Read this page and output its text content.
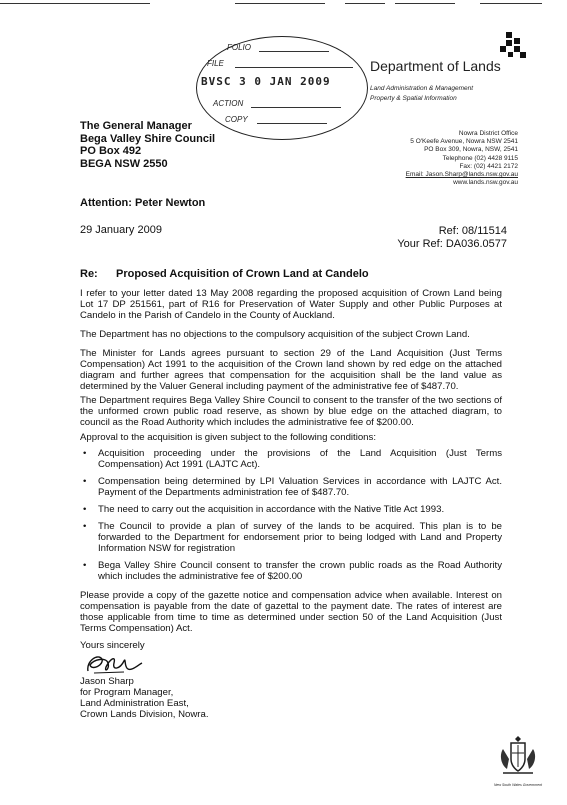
FOLIO
FILE
BVSC 3 0 JAN 2009
ACTION
COPY
Department of Lands
Land Administration & Management
Property & Spatial Information
Nowra District Office
5 O'Keefe Avenue, Nowra NSW 2541
PO Box 309, Nowra, NSW, 2541
Telephone (02) 4428 9115
Fax: (02) 4421 2172
Email: Jason.Sharp@lands.nsw.gov.au
www.lands.nsw.gov.au
The General Manager
Bega Valley Shire Council
PO Box 492
BEGA NSW 2550
Attention: Peter Newton
29 January 2009	Ref: 08/11514
Your Ref: DA036.0577
Re: Proposed Acquisition of Crown Land at Candelo
I refer to your letter dated 13 May 2008 regarding the proposed acquisition of Crown Land being Lot 17 DP 251561, part of R16 for Preservation of Water Supply and other Public Purposes at Candelo in the Parish of Candelo in the County of Auckland.
The Department has no objections to the compulsory acquisition of the subject Crown Land.
The Minister for Lands agrees pursuant to section 29 of the Land Acquisition (Just Terms Compensation) Act 1991 to the acquisition of the Crown land shown by red edge on the attached diagram and further agrees that compensation for the acquisition shall be the land value as determined by the Valuer General including payment of the administrative fee of $487.70.
The Department requires Bega Valley Shire Council to consent to the transfer of the two sections of the unformed crown public road reserve, as shown by blue edge on the attached diagram, to council as the Road Authority which includes the administrative fee of $200.00.
Approval to the acquisition is given subject to the following conditions:
• Acquisition proceeding under the provisions of the Land Acquisition (Just Terms Compensation) Act 1991 (LAJTC Act).
• Compensation being determined by LPI Valuation Services in accordance with LAJTC Act. Payment of the Departments administration fee of $487.70.
• The need to carry out the acquisition in accordance with the Native Title Act 1993.
• The Council to provide a plan of survey of the lands to be acquired. This plan is to be forwarded to the Department for endorsement prior to being lodged with Land and Property Information NSW for registration
• Bega Valley Shire Council consent to transfer the crown public roads as the Road Authority which includes the administrative fee of $200.00
Please provide a copy of the gazette notice and compensation advice when available. Interest on compensation is payable from the date of gazettal to the payment date. The rates of interest are those applicable from time to time as determined under section 50 of the Land Acquisition (Just Terms Compensation) Act.
Yours sincerely
Jason Sharp
for Program Manager,
Land Administration East,
Crown Lands Division, Nowra.
New South Wales Government
